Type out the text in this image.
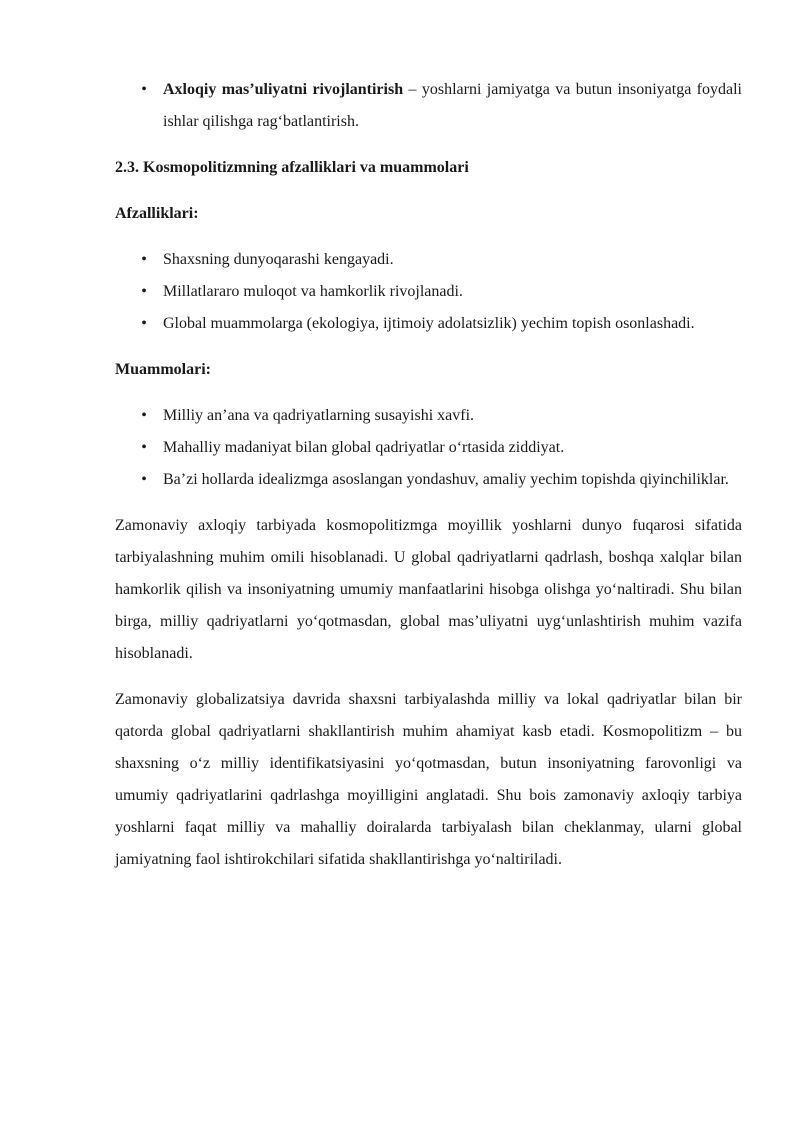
• Axloqiy mas’uliyatni rivojlantirish – yoshlarni jamiyatga va butun insoniyatga foydali ishlar qilishga rag‘batlantirish.

2.3. Kosmopolitizmning afzalliklari va muammolari

Afzalliklari:

• Shaxsning dunyoqarashi kengayadi.
• Millatlararo muloqot va hamkorlik rivojlanadi.
• Global muammolarga (ekologiya, ijtimoiy adolatsizlik) yechim topish osonlashadi.

Muammolari:

• Milliy an’ana va qadriyatlarning susayishi xavfi.
• Mahalliy madaniyat bilan global qadriyatlar o‘rtasida ziddiyat.
• Ba’zi hollarda idealizmga asoslangan yondashuv, amaliy yechim topishda qiyinchiliklar.

Zamonaviy axloqiy tarbiyada kosmopolitizmga moyillik yoshlarni dunyo fuqarosi sifatida tarbiyalashning muhim omili hisoblanadi. U global qadriyatlarni qadrlash, boshqa xalqlar bilan hamkorlik qilish va insoniyatning umumiy manfaatlarini hisobga olishga yo‘naltiradi. Shu bilan birga, milliy qadriyatlarni yo‘qotmasdan, global mas’uliyatni uyg‘unlashtirish muhim vazifa hisoblanadi.

Zamonaviy globalizatsiya davrida shaxsni tarbiyalashda milliy va lokal qadriyatlar bilan bir qatorda global qadriyatlarni shakllantirish muhim ahamiyat kasb etadi. Kosmopolitizm – bu shaxsning o‘z milliy identifikatsiyasini yo‘qotmasdan, butun insoniyatning farovonligi va umumiy qadriyatlarini qadrlashga moyilligini anglatadi. Shu bois zamonaviy axloqiy tarbiya yoshlarni faqat milliy va mahalliy doiralarda tarbiyalash bilan cheklanmay, ularni global jamiyatning faol ishtirokchilari sifatida shakllantirishga yo‘naltiriladi.
